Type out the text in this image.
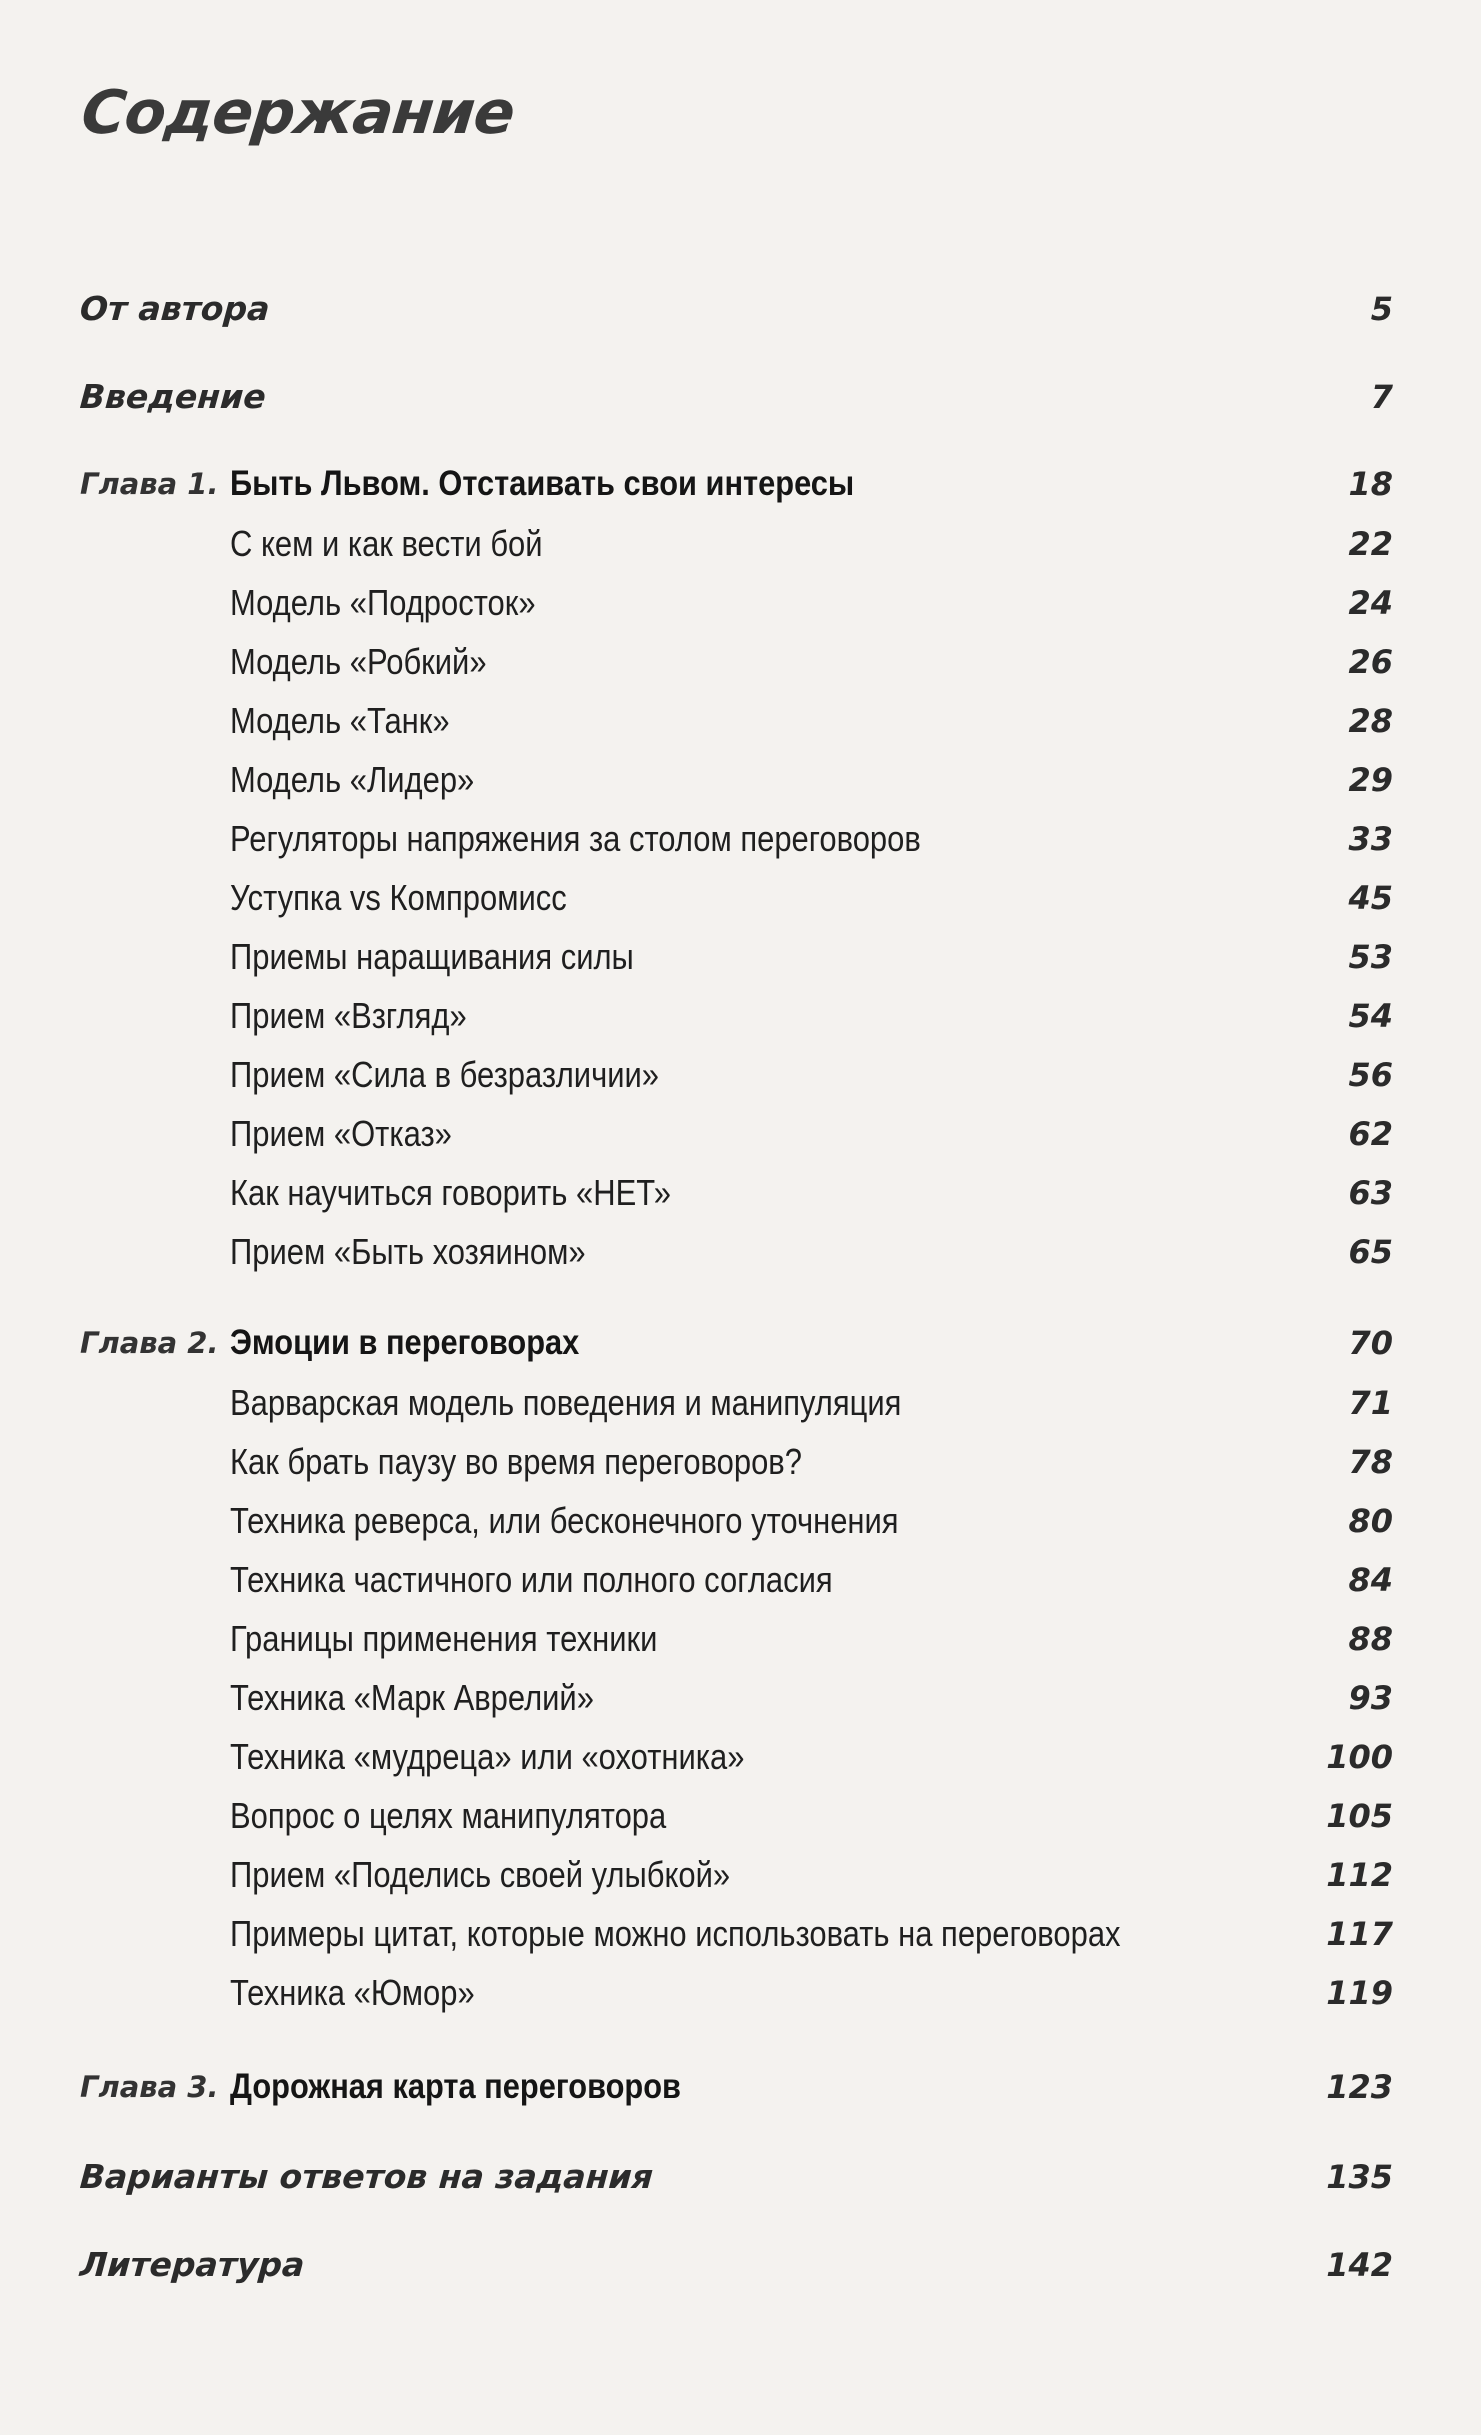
Содержание
От автора	5
Введение	7
Глава 1. Быть Львом. Отстаивать свои интересы	18
С кем и как вести бой	22
Модель «Подросток»	24
Модель «Робкий»	26
Модель «Танк»	28
Модель «Лидер»	29
Регуляторы напряжения за столом переговоров	33
Уступка vs Компромисс	45
Приемы наращивания силы	53
Прием «Взгляд»	54
Прием «Сила в безразличии»	56
Прием «Отказ»	62
Как научиться говорить «НЕТ»	63
Прием «Быть хозяином»	65
Глава 2. Эмоции в переговорах	70
Варварская модель поведения и манипуляция	71
Как брать паузу во время переговоров?	78
Техника реверса, или бесконечного уточнения	80
Техника частичного или полного согласия	84
Границы применения техники	88
Техника «Марк Аврелий»	93
Техника «мудреца» или «охотника»	100
Вопрос о целях манипулятора	105
Прием «Поделись своей улыбкой»	112
Примеры цитат, которые можно использовать на переговорах	117
Техника «Юмор»	119
Глава 3. Дорожная карта переговоров	123
Варианты ответов на задания	135
Литература	142
